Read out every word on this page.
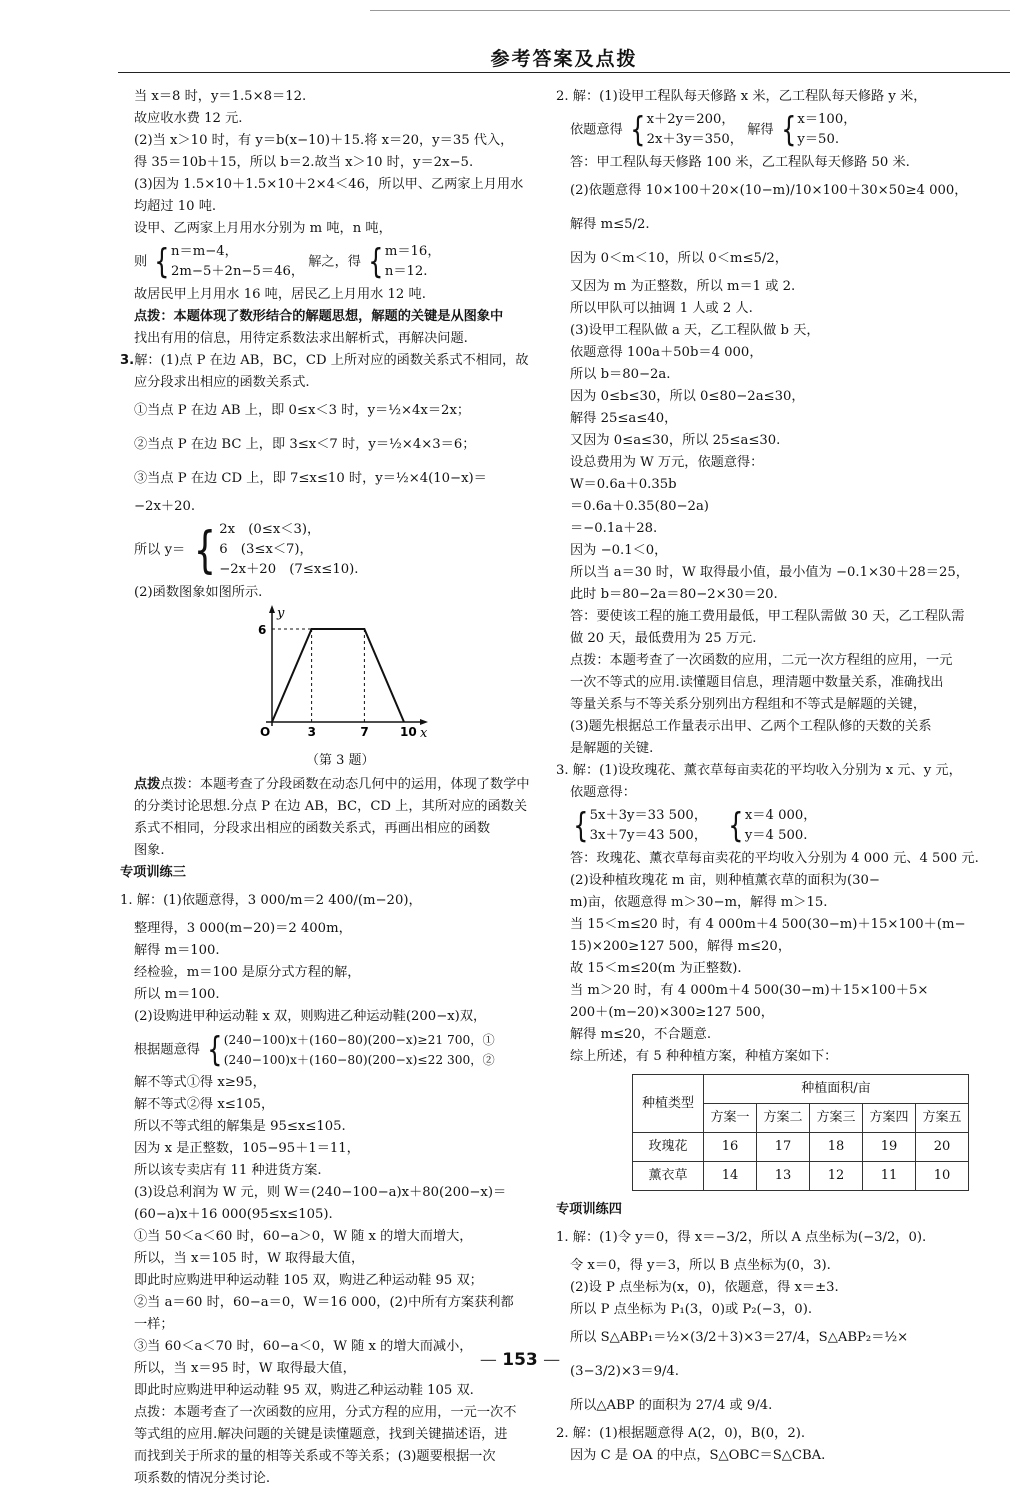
参考答案及点拨
当 x＝8 时，y＝1.5×8＝12.
故应收水费 12 元.
(2)当 x＞10 时，有 y＝b(x−10)＋15.将 x＝20，y＝35 代入，
得 35＝10b＋15，所以 b＝2.故当 x＞10 时，y＝2x−5.
(3)因为 1.5×10＋1.5×10＋2×4＜46，所以甲、乙两家上月用水
均超过 10 吨.
设甲、乙两家上月用水分别为 m 吨，n 吨，
则 { n＝m−4，
2m−5＋2n−5＝46，
解之，得 { m＝16，
n＝12.
故居民甲上月用水 16 吨，居民乙上月用水 12 吨.
点拨：本题体现了数形结合的解题思想，解题的关键是从图象中
找出有用的信息，用待定系数法求出解析式，再解决问题.
3.解：(1)点 P 在边 AB，BC，CD 上所对应的函数关系式不相同，故
应分段求出相应的函数关系式.
①当点 P 在边 AB 上，即 0≤x＜3 时，y＝½×4x＝2x；
②当点 P 在边 BC 上，即 3≤x＜7 时，y＝½×4×3＝6；
③当点 P 在边 CD 上，即 7≤x≤10 时，y＝½×4(10−x)＝
−2x＋20.
所以 y＝ { 2x　(0≤x＜3)，
6　(3≤x＜7)，
−2x＋20　(7≤x≤10).
(2)函数图象如图所示.
x
y
O	3	7	10
6
（第 3 题）
点拨点拨：本题考查了分段函数在动态几何中的运用，体现了数学中
的分类讨论思想.分点 P 在边 AB，BC，CD 上，其所对应的函数关
系式不相同，分段求出相应的函数关系式，再画出相应的函数
图象.
专项训练三
1. 解：(1)依题意得，3 000/m＝2 400/(m−20)，
整理得，3 000(m−20)＝2 400m，
解得 m＝100.
经检验，m＝100 是原分式方程的解，
所以 m＝100.
(2)设购进甲种运动鞋 x 双，则购进乙种运动鞋(200−x)双，
根据题意得 { (240−100)x＋(160−80)(200−x)≥21 700，①
(240−100)x＋(160−80)(200−x)≤22 300，②
解不等式①得 x≥95，
解不等式②得 x≤105，
所以不等式组的解集是 95≤x≤105.
因为 x 是正整数，105−95＋1＝11，
所以该专卖店有 11 种进货方案.
(3)设总利润为 W 元，则 W＝(240−100−a)x＋80(200−x)＝
(60−a)x＋16 000(95≤x≤105).
①当 50＜a＜60 时，60−a＞0，W 随 x 的增大而增大，
所以，当 x＝105 时，W 取得最大值，
即此时应购进甲种运动鞋 105 双，购进乙种运动鞋 95 双；
②当 a＝60 时，60−a＝0，W＝16 000，(2)中所有方案获利都
一样；
③当 60＜a＜70 时，60−a＜0，W 随 x 的增大而减小，
所以，当 x＝95 时，W 取得最大值，
即此时应购进甲种运动鞋 95 双，购进乙种运动鞋 105 双.
点拨：本题考查了一次函数的应用，分式方程的应用，一元一次不
等式组的应用.解决问题的关键是读懂题意，找到关键描述语，进
而找到关于所求的量的相等关系或不等关系；(3)题要根据一次
项系数的情况分类讨论.
2. 解：(1)设甲工程队每天修路 x 米，乙工程队每天修路 y 米，
依题意得 { x＋2y＝200，
2x＋3y＝350，
解得 { x＝100，
y＝50.
答：甲工程队每天修路 100 米，乙工程队每天修路 50 米.
(2)依题意得 10×100＋20×(10−m)/10×100＋30×50≥4 000，
解得 m≤5/2.
因为 0＜m＜10，所以 0＜m≤5/2，
又因为 m 为正整数，所以 m＝1 或 2.
所以甲队可以抽调 1 人或 2 人.
(3)设甲工程队做 a 天，乙工程队做 b 天，
依题意得 100a＋50b＝4 000，
所以 b＝80−2a.
因为 0≤b≤30，所以 0≤80−2a≤30，
解得 25≤a≤40，
又因为 0≤a≤30，所以 25≤a≤30.
设总费用为 W 万元，依题意得：
W＝0.6a＋0.35b
＝0.6a＋0.35(80−2a)
＝−0.1a＋28.
因为 −0.1＜0，
所以当 a＝30 时，W 取得最小值，最小值为 −0.1×30＋28＝25，
此时 b＝80−2a＝80−2×30＝20.
答：要使该工程的施工费用最低，甲工程队需做 30 天，乙工程队需
做 20 天，最低费用为 25 万元.
点拨：本题考查了一次函数的应用，二元一次方程组的应用，一元
一次不等式的应用.读懂题目信息，理清题中数量关系，准确找出
等量关系与不等关系分别列出方程组和不等式是解题的关键，
(3)题先根据总工作量表示出甲、乙两个工程队修的天数的关系
是解题的关键.
3. 解：(1)设玫瑰花、薰衣草每亩卖花的平均收入分别为 x 元、y 元，
依题意得：
{ 5x＋3y＝33 500，
3x＋7y＝43 500，
{ x＝4 000，
y＝4 500.
答：玫瑰花、薰衣草每亩卖花的平均收入分别为 4 000 元、4 500 元.
(2)设种植玫瑰花 m 亩，则种植薰衣草的面积为(30−
m)亩，依题意得 m＞30−m，解得 m＞15.
当 15＜m≤20 时，有 4 000m＋4 500(30−m)＋15×100＋(m−
15)×200≥127 500，解得 m≤20，
故 15＜m≤20(m 为正整数).
当 m＞20 时，有 4 000m＋4 500(30−m)＋15×100＋5×
200＋(m−20)×300≥127 500，
解得 m≤20，不合题意.
综上所述，有 5 种种植方案，种植方案如下：
种植类型	种植面积/亩				
	方案一	方案二	方案三	方案四	方案五
玫瑰花	16	17	18	19	20
薰衣草	14	13	12	11	10
专项训练四
1. 解：(1)令 y＝0，得 x＝−3/2，所以 A 点坐标为(−3/2，0).
令 x＝0，得 y＝3，所以 B 点坐标为(0，3).
(2)设 P 点坐标为(x，0)，依题意，得 x＝±3.
所以 P 点坐标为 P₁(3，0)或 P₂(−3，0).
所以 S△ABP₁＝½×(3/2＋3)×3＝27/4，S△ABP₂＝½×
(3−3/2)×3＝9/4.
所以△ABP 的面积为 27/4 或 9/4.
2. 解：(1)根据题意得 A(2，0)，B(0，2).
因为 C 是 OA 的中点，S△OBC＝S△CBA.
— 153 —
